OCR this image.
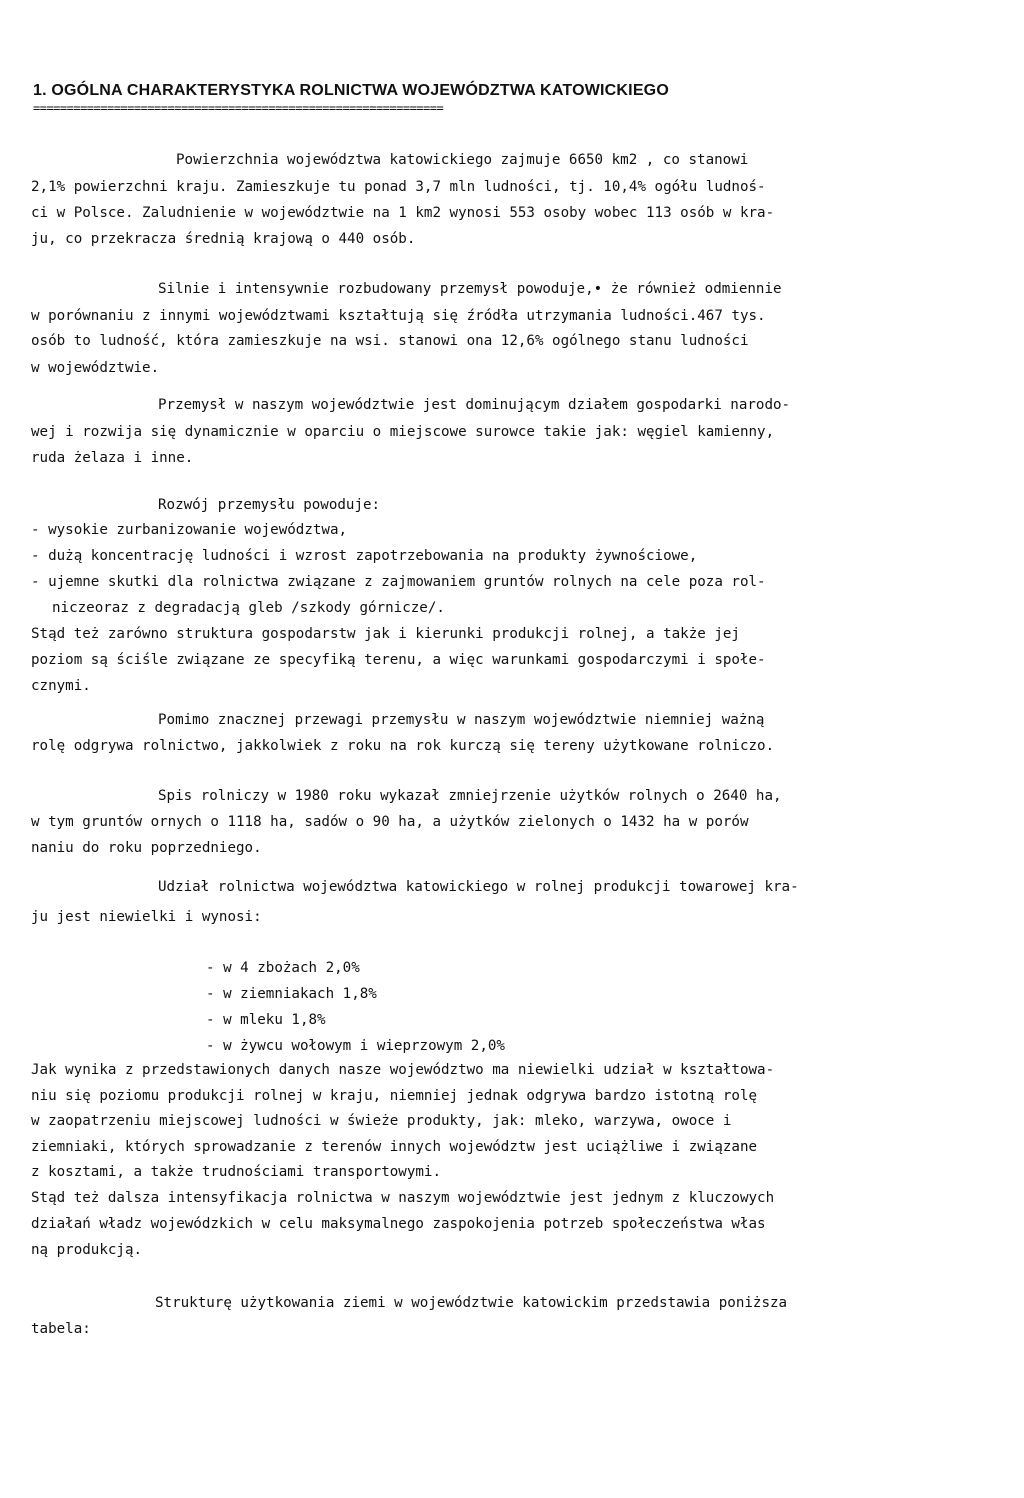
1. OGÓLNA CHARAKTERYSTYKA ROLNICTWA WOJEWÓDZTWA KATOWICKIEGO
=============================================================
Powierzchnia województwa katowickiego zajmuje 6650 km2 , co stanowi
2,1% powierzchni kraju. Zamieszkuje tu ponad 3,7 mln ludności, tj. 10,4% ogółu ludnoś-
ci w Polsce. Zaludnienie w województwie na 1 km2 wynosi 553 osoby wobec 113 osób w kra-
ju, co przekracza średnią krajową o 440 osób.
Silnie i intensywnie rozbudowany przemysł powoduje,• że również odmiennie
w porównaniu z innymi województwami kształtują się źródła utrzymania ludności.467 tys.
osób to ludność, która zamieszkuje na wsi. stanowi ona 12,6% ogólnego stanu ludności
w województwie.
Przemysł w naszym województwie jest dominującym działem gospodarki narodo-
wej i rozwija się dynamicznie w oparciu o miejscowe surowce takie jak: węgiel kamienny,
ruda żelaza i inne.
Rozwój przemysłu powoduje:
- wysokie zurbanizowanie województwa,
- dużą koncentrację ludności i wzrost zapotrzebowania na produkty żywnościowe,
- ujemne skutki dla rolnictwa związane z zajmowaniem gruntów rolnych na cele poza rol-
niczeoraz z degradacją gleb /szkody górnicze/.
Stąd też zarówno struktura gospodarstw jak i kierunki produkcji rolnej, a także jej
poziom są ściśle związane ze specyfiką terenu, a więc warunkami gospodarczymi i społe-
cznymi.
Pomimo znacznej przewagi przemysłu w naszym województwie niemniej ważną
rolę odgrywa rolnictwo, jakkolwiek z roku na rok kurczą się tereny użytkowane rolniczo.
Spis rolniczy w 1980 roku wykazał zmniejrzenie użytków rolnych o 2640 ha,
w tym gruntów ornych o 1118 ha, sadów o 90 ha, a użytków zielonych o 1432 ha w porów
naniu do roku poprzedniego.
Udział rolnictwa województwa katowickiego w rolnej produkcji towarowej kra-
ju jest niewielki i wynosi:
- w 4 zbożach 2,0%
- w ziemniakach 1,8%
- w mleku 1,8%
- w żywcu wołowym i wieprzowym 2,0%
Jak wynika z przedstawionych danych nasze województwo ma niewielki udział w kształtowa-
niu się poziomu produkcji rolnej w kraju, niemniej jednak odgrywa bardzo istotną rolę
w zaopatrzeniu miejscowej ludności w świeże produkty, jak: mleko, warzywa, owoce i
ziemniaki, których sprowadzanie z terenów innych województw jest uciążliwe i związane
z kosztami, a także trudnościami transportowymi.
Stąd też dalsza intensyfikacja rolnictwa w naszym województwie jest jednym z kluczowych
działań władz wojewódzkich w celu maksymalnego zaspokojenia potrzeb społeczeństwa włas
ną produkcją.
Strukturę użytkowania ziemi w województwie katowickim przedstawia poniższa
tabela:
